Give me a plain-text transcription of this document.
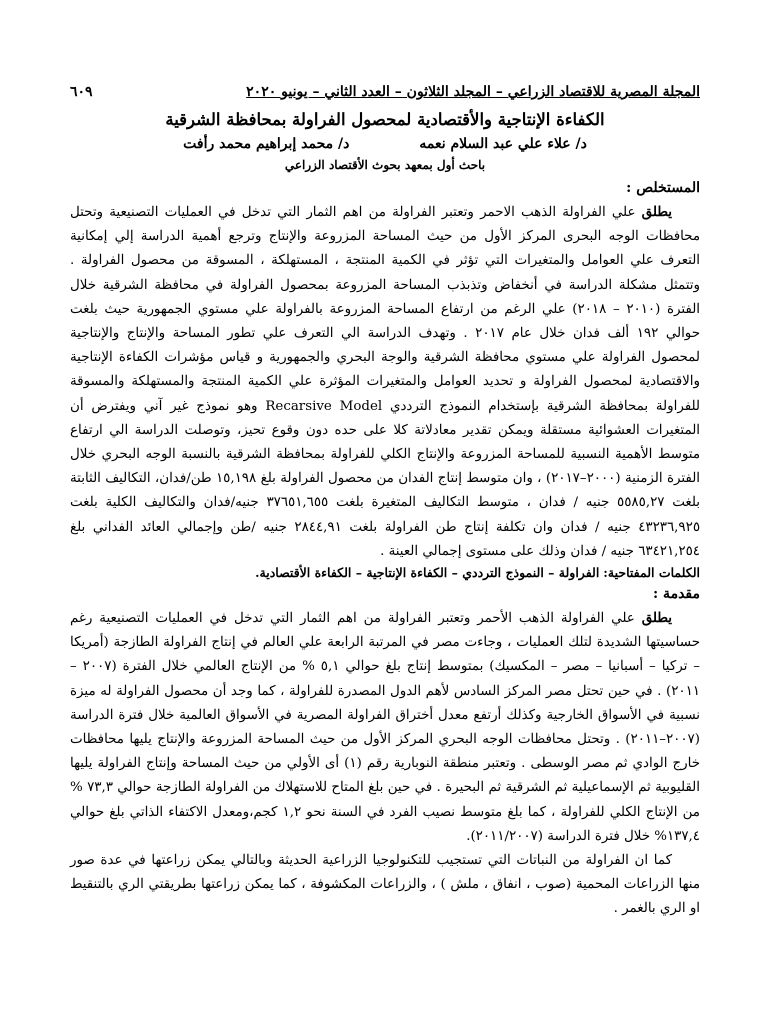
المجلة المصرية للاقتصاد الزراعي – المجلد الثلاثون – العدد الثاني – يونيو ٢٠٢٠
٦٠٩
الكفاءة الإنتاجية والأقتصادية لمحصول الفراولة بمحافظة الشرقية
د/ علاء علي عبد السلام نعمه
د/ محمد إبراهيم محمد رأفت
باحث أول بمعهد بحوث الأقتصاد الزراعي
المستخلص :

يطلق علي الفراولة الذهب الاحمر وتعتبر الفراولة من اهم الثمار التي تدخل في العمليات التصنيعية وتحتل محافظات الوجه البحرى المركز الأول من حيث المساحة المزروعة والإنتاج وترجع أهمية الدراسة إلي إمكانية التعرف علي العوامل والمتغيرات التي تؤثر في الكمية المنتجة ، المستهلكة ، المسوقة من محصول الفراولة . وتتمثل مشكلة الدراسة في أنخفاض وتذبذب المساحة المزروعة بمحصول الفراولة في محافظة الشرقية خلال الفترة (٢٠١٠ – ٢٠١٨) علي الرغم من ارتفاع المساحة المزروعة بالفراولة علي مستوي الجمهورية حيث بلغت حوالي ١٩٢ ألف فدان خلال عام ٢٠١٧ . وتهدف الدراسة الي التعرف علي تطور المساحة والإنتاج والإنتاجية لمحصول الفراولة علي مستوي محافظة الشرقية والوجة البحري والجمهورية و قياس مؤشرات الكفاءة الإنتاجية والاقتصادية لمحصول الفراولة و تحديد العوامل والمتغيرات المؤثرة علي الكمية المنتجة والمستهلكة والمسوقة للفراولة بمحافظة الشرقية بإستخدام النموذج الترددي Recarsive Model وهو نموذج غير آني ويفترض أن المتغيرات العشوائية مستقلة ويمكن تقدير معادلاتة كلا على حده دون وقوع تحيز، وتوصلت الدراسة الي ارتفاع متوسط الأهمية النسبية للمساحة المزروعة والإنتاج الكلي للفراولة بمحافظة الشرقية بالنسبة الوجه البحري خلال الفترة الزمنية (٢٠٠٠–٢٠١٧) ، وان متوسط إنتاج الفدان من محصول الفراولة بلغ ١٥,١٩٨ طن/فدان، التكاليف الثابتة بلغت ٥٥٨٥,٢٧ جنيه / فدان ، متوسط التكاليف المتغيرة بلغت ٣٧٦٥١,٦٥٥ جنيه/فدان والتكاليف الكلية بلغت ٤٣٢٣٦,٩٢٥ جنيه / فدان وان تكلفة إنتاج طن الفراولة بلغت ٢٨٤٤,٩١ جنيه /طن وإجمالي العائد الفداني بلغ ٦٣٤٢١,٢٥٤ جنيه / فدان وذلك على مستوى إجمالي العينة .

الكلمات المفتاحية: الفراولة – النموذج الترددي – الكفاءة الإنتاجية – الكفاءة الأقتصادية.

مقدمة :

يطلق علي الفراولة الذهب الأحمر وتعتبر الفراولة من اهم الثمار التي تدخل في العمليات التصنيعية رغم حساسيتها الشديدة لتلك العمليات ، وجاءت مصر في المرتبة الرابعة علي العالم في إنتاج الفراولة الطازجة (أمريكا – تركيا – أسبانيا – مصر – المكسيك) بمتوسط إنتاج بلغ حوالي ٥,١ % من الإنتاج العالمي خلال الفترة (٢٠٠٧ – ٢٠١١) . في حين تحتل مصر المركز السادس لأهم الدول المصدرة للفراولة ، كما وجد أن محصول الفراولة له ميزة نسبية في الأسواق الخارجية وكذلك أرتفع معدل أختراق الفراولة المصرية في الأسواق العالمية خلال فترة الدراسة (٢٠٠٧–٢٠١١) . وتحتل محافظات الوجه البحري المركز الأول من حيث المساحة المزروعة والإنتاج يليها محافظات خارج الوادي ثم مصر الوسطى . وتعتبر منطقة النوبارية رقم (١) أى الأولي من حيث المساحة وإنتاج الفراولة يليها القليوبية ثم الإسماعيلية ثم الشرقية ثم البحيرة . في حين بلغ المتاح للاستهلاك من الفراولة الطازجة حوالي ٧٣,٣ % من الإنتاج الكلي للفراولة ، كما بلغ متوسط نصيب الفرد في السنة نحو ١,٢ كجم،ومعدل الاكتفاء الذاتي بلغ حوالي ١٣٧,٤% خلال فترة الدراسة (٢٠١١/٢٠٠٧).

كما ان الفراولة من النباتات التي تستجيب للتكنولوجيا الزراعية الحديثة وبالتالي يمكن زراعتها في عدة صور منها الزراعات المحمية (صوب ، انفاق ، ملش ) ، والزراعات المكشوفة ، كما يمكن زراعتها بطريقتي الري بالتنقيط او الري بالغمر .
